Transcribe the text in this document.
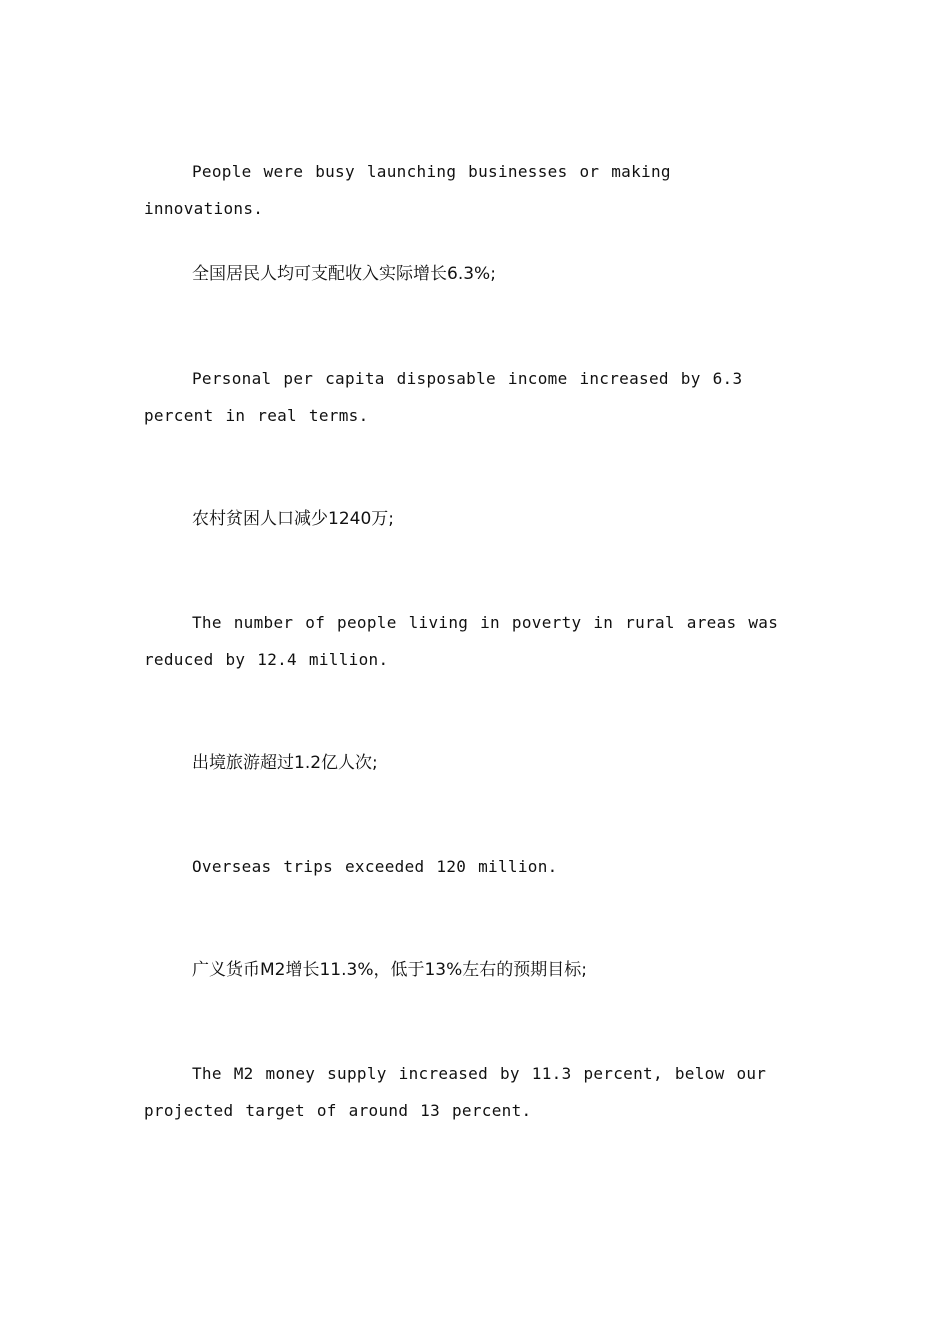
People were busy launching businesses or making innovations.

全国居民人均可支配收入实际增长6.3%;

Personal per capita disposable income increased by 6.3 percent in real terms.

农村贫困人口减少1240万;

The number of people living in poverty in rural areas was reduced by 12.4 million.

出境旅游超过1.2亿人次;

Overseas trips exceeded 120 million.

广义货币M2增长11.3%，低于13%左右的预期目标;

The M2 money supply increased by 11.3 percent, below our projected target of around 13 percent.
